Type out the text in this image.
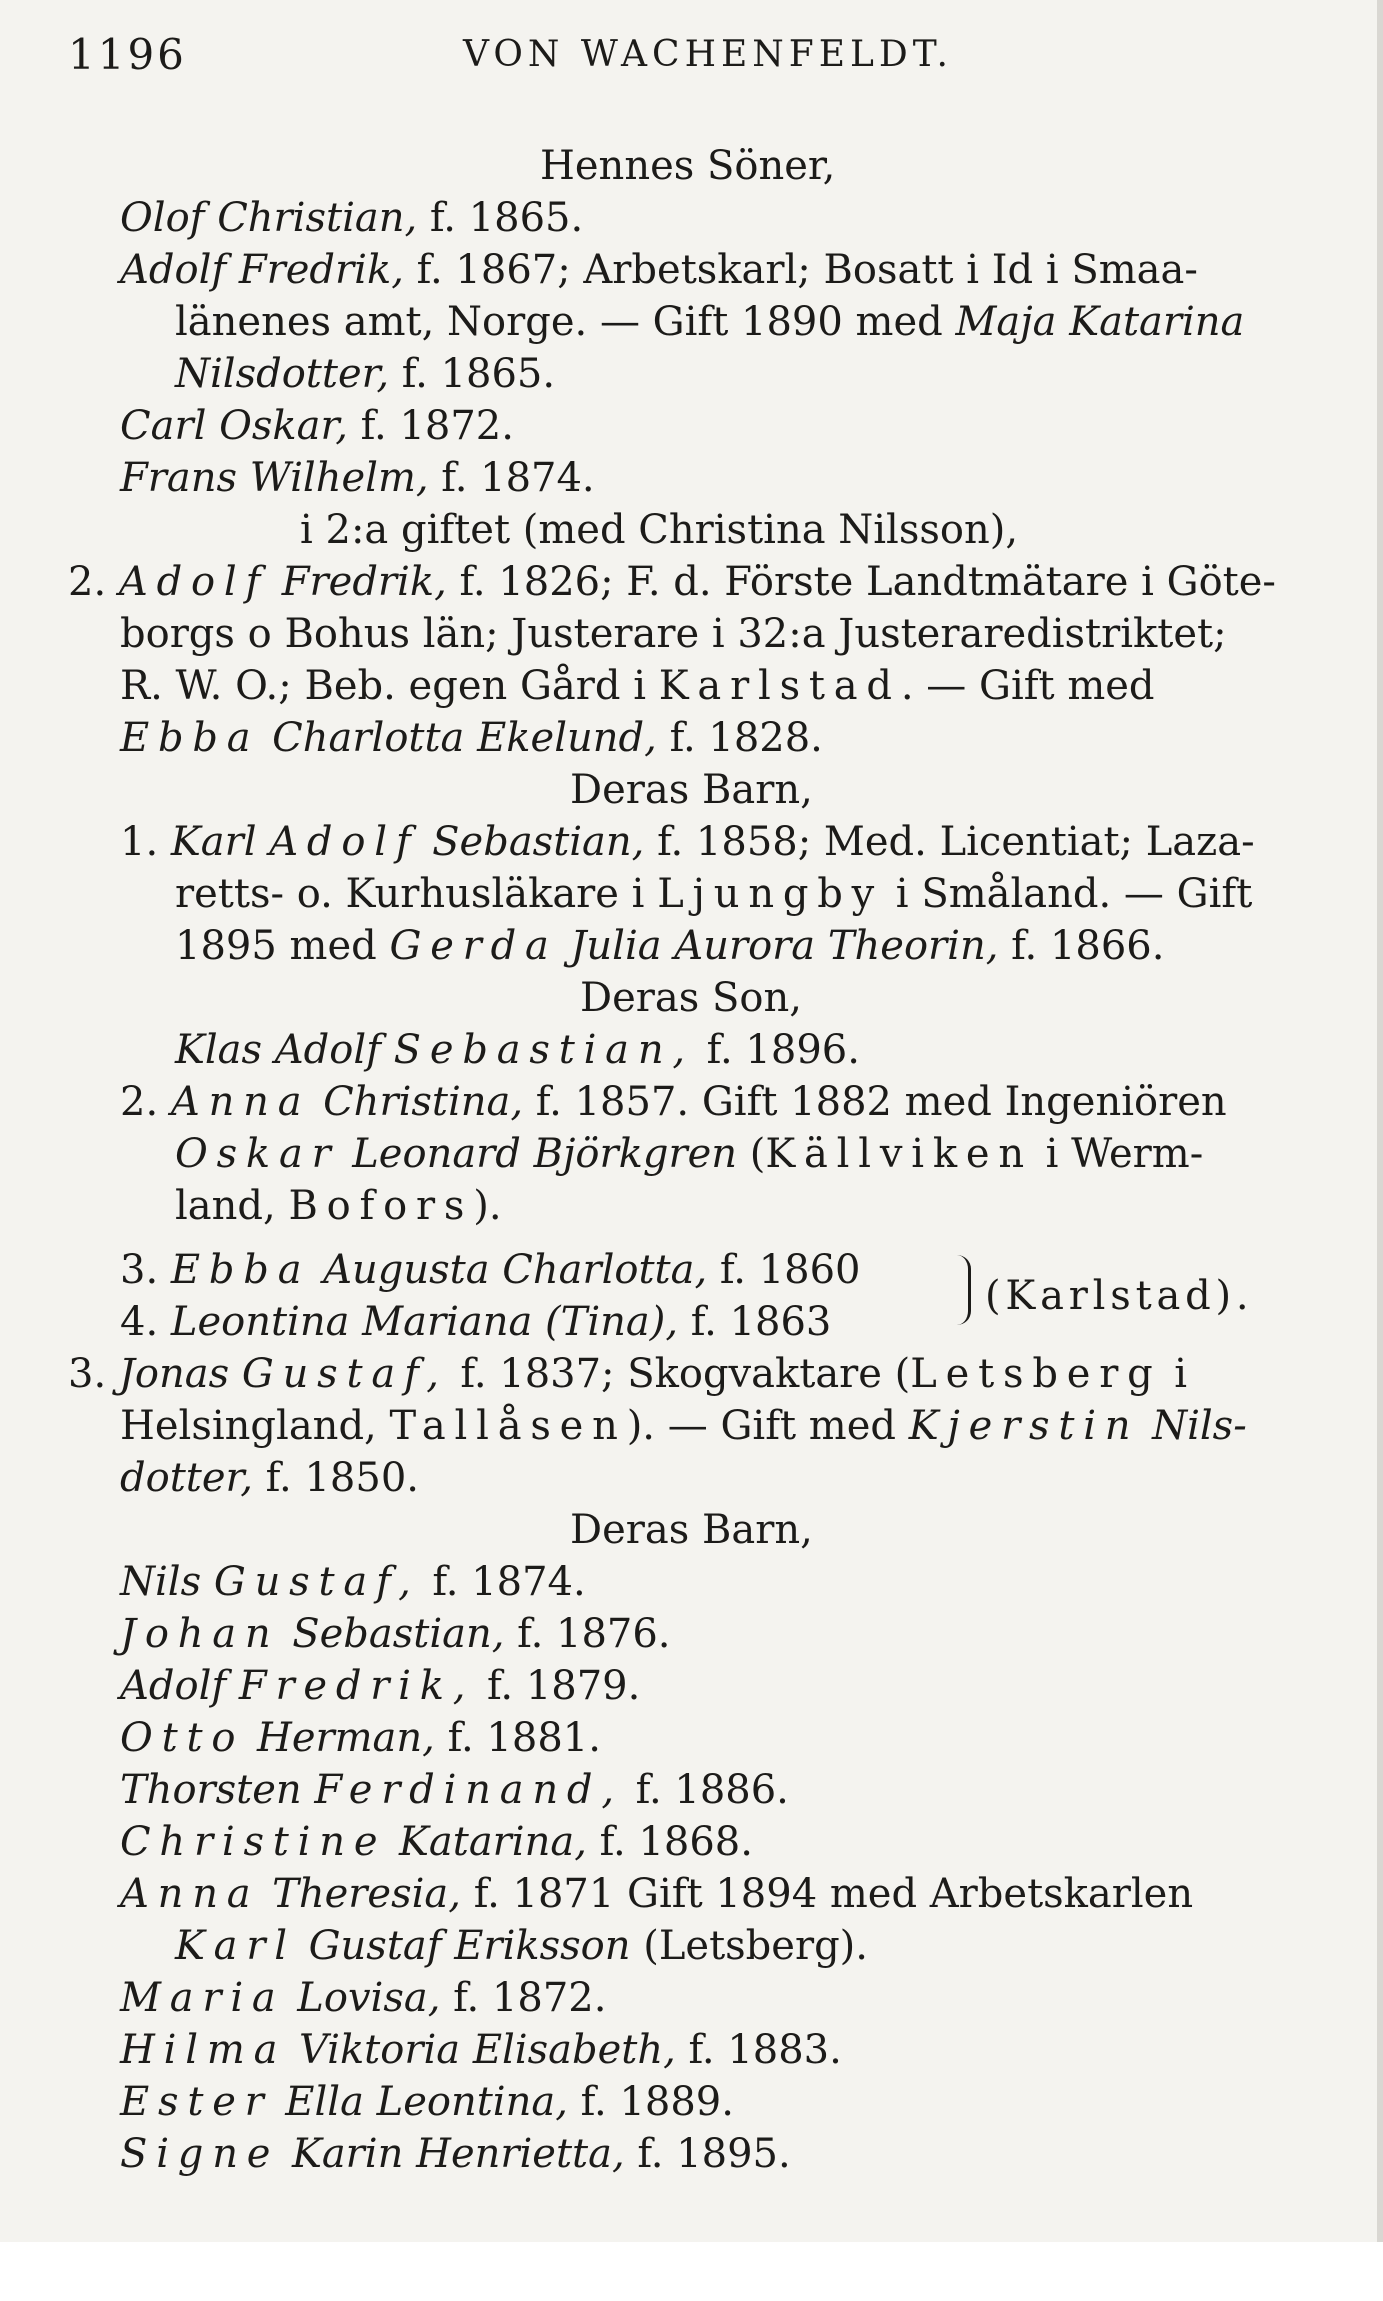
1196	VON WACHENFELDT.
Hennes Söner,
Olof Christian, f. 1865.
Adolf Fredrik, f. 1867; Arbetskarl; Bosatt i Id i Smaa-
länenes amt, Norge. — Gift 1890 med Maja Katarina
Nilsdotter, f. 1865.
Carl Oskar, f. 1872.
Frans Wilhelm, f. 1874.
i 2:a giftet (med Christina Nilsson),
2. Adolf Fredrik, f. 1826; F. d. Förste Landtmätare i Göte-
borgs o Bohus län; Justerare i 32:a Justeraredistriktet;
R. W. O.; Beb. egen Gård i Karlstad. — Gift med
Ebba Charlotta Ekelund, f. 1828.
Deras Barn,
1. Karl Adolf Sebastian, f. 1858; Med. Licentiat; Laza-
retts- o. Kurhusläkare i Ljungby i Småland. — Gift
1895 med Gerda Julia Aurora Theorin, f. 1866.
Deras Son,
Klas Adolf Sebastian, f. 1896.
2. Anna Christina, f. 1857. Gift 1882 med Ingeniören
Oskar Leonard Björkgren (Källviken i Werm-
land, Bofors).
3. Ebba Augusta Charlotta, f. 1860
4. Leontina Mariana (Tina), f. 1863
3. Jonas Gustaf, f. 1837; Skogvaktare (Letsberg i
Helsingland, Tallåsen). — Gift med Kjerstin Nils-
dotter, f. 1850.
Deras Barn,
Nils Gustaf, f. 1874.
Johan Sebastian, f. 1876.
Adolf Fredrik, f. 1879.
Otto Herman, f. 1881.
Thorsten Ferdinand, f. 1886.
Christine Katarina, f. 1868.
Anna Theresia, f. 1871 Gift 1894 med Arbetskarlen
Karl Gustaf Eriksson (Letsberg).
Maria Lovisa, f. 1872.
Hilma Viktoria Elisabeth, f. 1883.
Ester Ella Leontina, f. 1889.
Signe Karin Henrietta, f. 1895.
(Karlstad).
